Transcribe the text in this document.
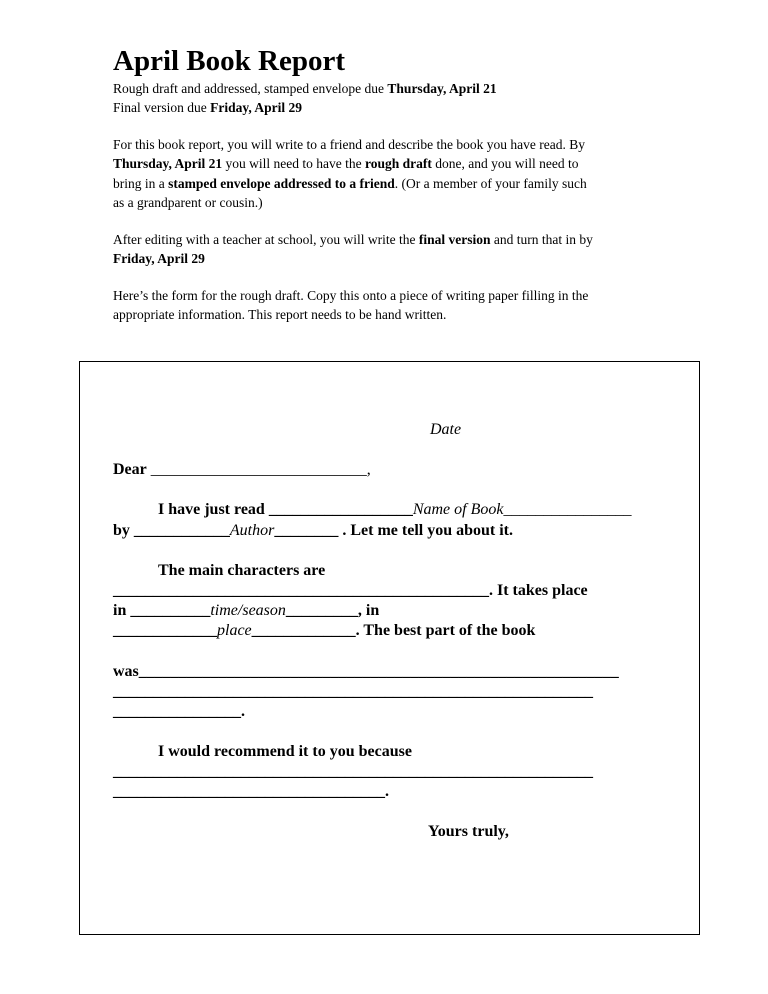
April Book Report
Rough draft and addressed, stamped envelope due Thursday, April 21
Final version due Friday, April 29
For this book report, you will write to a friend and describe the book you have read. By
Thursday, April 21 you will need to have the rough draft done, and you will need to
bring in a stamped envelope addressed to a friend. (Or a member of your family such
as a grandparent or cousin.)
After editing with a teacher at school, you will write the final version and turn that in by
Friday, April 29
Here’s the form for the rough draft. Copy this onto a piece of writing paper filling in the
appropriate information. This report needs to be hand written.
Date
Dear ___________________________,
I have just read __________________Name of Book________________
by ____________Author________ . Let me tell you about it.
The main characters are
_______________________________________________. It takes place
in __________time/season_________, in
_____________place_____________. The best part of the book
was____________________________________________________________
____________________________________________________________
________________.
I would recommend it to you because
____________________________________________________________
__________________________________.
Yours truly,
